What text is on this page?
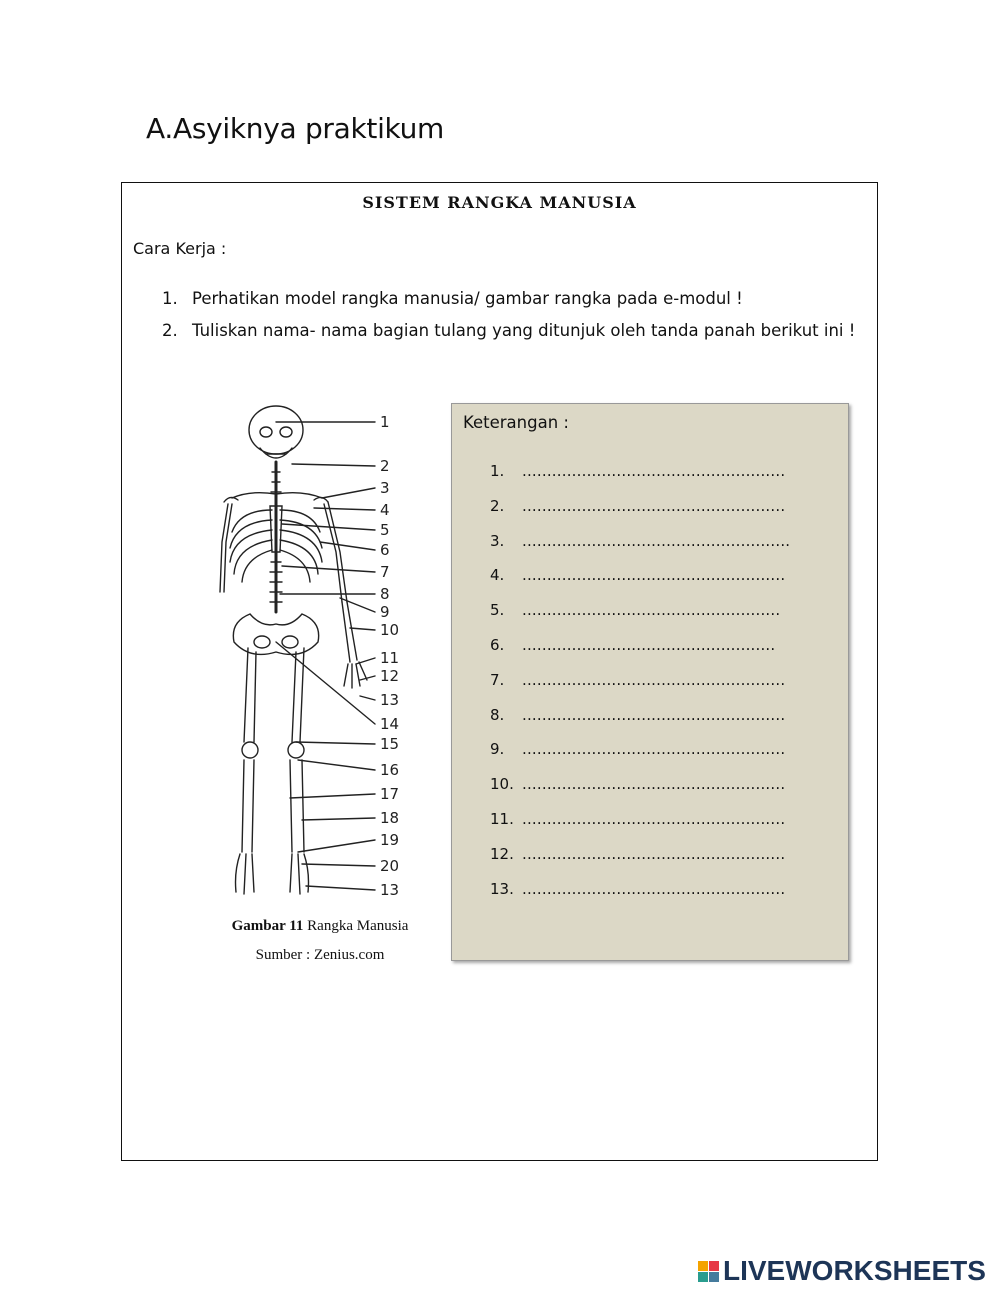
A.Asyiknya praktikum
SISTEM RANGKA MANUSIA
Cara Kerja :
1. Perhatikan model rangka manusia/ gambar rangka pada e-modul !
2. Tuliskan nama- nama bagian tulang yang ditunjuk oleh tanda panah berikut ini !
1
2
3
4
5
6
7
8
9
10
11
12
13
14
15
16
17
18
19
20
13
Gambar 11 Rangka Manusia
Sumber : Zenius.com
Keterangan :
1.	.....................................................
2.	.....................................................
3.	......................................................
4.	.....................................................
5.	....................................................
6.	...................................................
7.	.....................................................
8.	.....................................................
9.	.....................................................
10. .....................................................
11. .....................................................
12. .....................................................
13. .....................................................
LIVEWORKSHEETS
